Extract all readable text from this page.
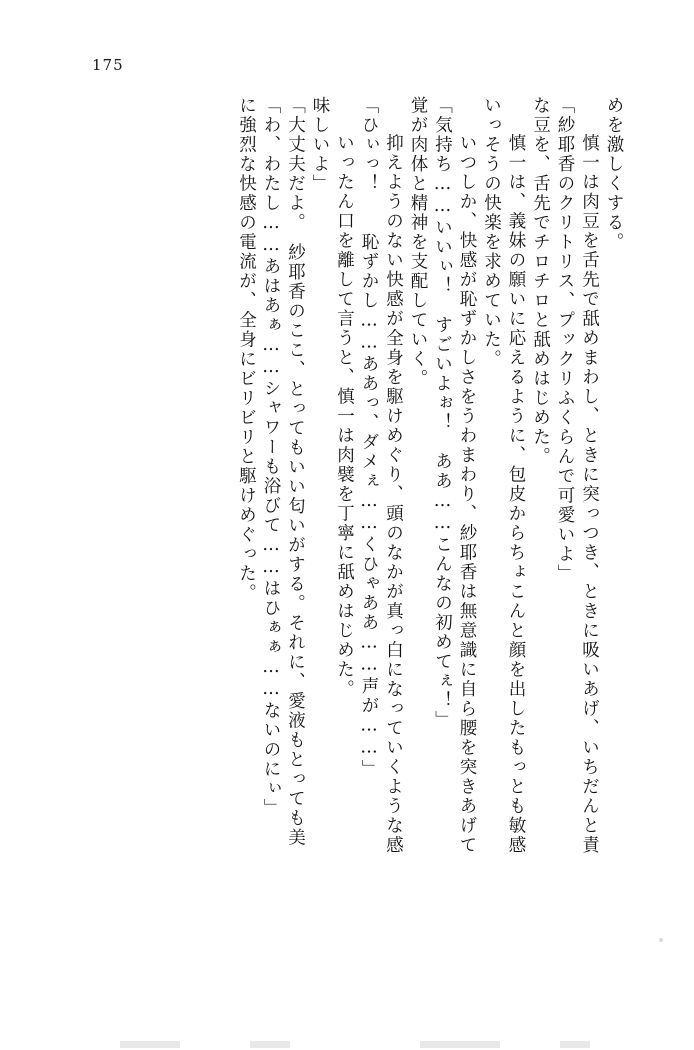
175
に強烈な快感の電流が、全身にビリビリと駆けめぐった。 「わ、わたし……あはあぁ……シャワーも浴びて……はひぁぁ……ないのにぃ」 「大丈夫だよ。　紗耶香のここ、とってもいい匂いがする。それに、愛液もとっても美 味しいよ」 　いったん口を離して言うと、慎一は肉襞を丁寧に舐めはじめた。 「ひぃっ！　　恥ずかし……ああっ、ダメぇ……くひゃああ……声が……」 　抑えようのない快感が全身を駆けめぐり、頭のなかが真っ白になっていくような感 覚が肉体と精神を支配していく。 「気持ち……いいぃ！　すごいよぉ！　ああ……こんなの初めてぇ！」 　いつしか、快感が恥ずかしさをうわまわり、紗耶香は無意識に自ら腰を突きあげて いっそうの快楽を求めていた。 　慎一は、義妹の願いに応えるように、包皮からちょこんと顔を出したもっとも敏感 な豆を、舌先でチロチロと舐めはじめた。 「紗耶香のクリトリス、プックリふくらんで可愛いよ」 　慎一は肉豆を舌先で舐めまわし、ときに突っつき、ときに吸いあげ、いちだんと責 めを激しくする。
